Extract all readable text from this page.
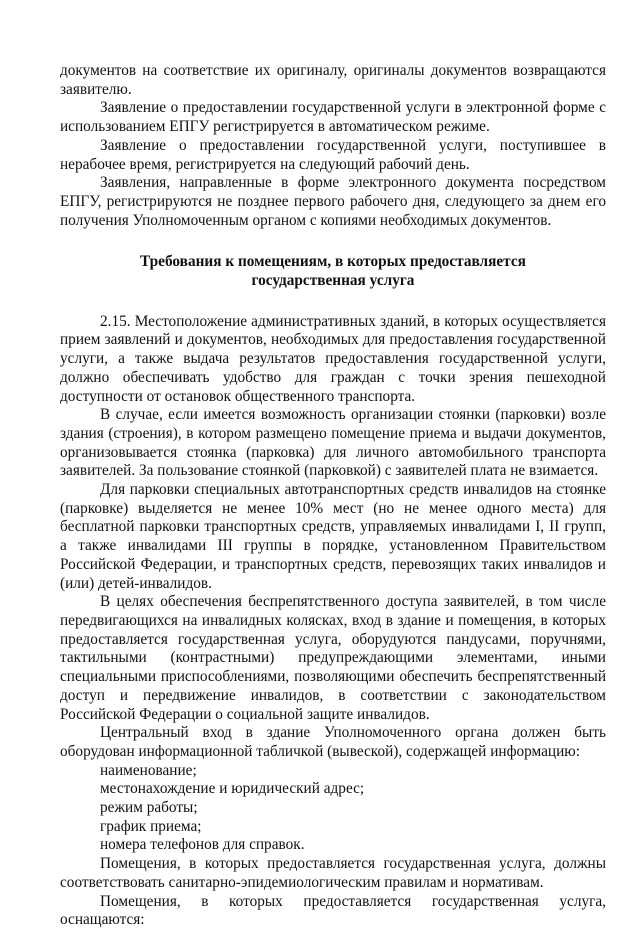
документов на соответствие их оригиналу, оригиналы документов возвращаются заявителю.

Заявление о предоставлении государственной услуги в электронной форме с использованием ЕПГУ регистрируется в автоматическом режиме.

Заявление о предоставлении государственной услуги, поступившее в нерабочее время, регистрируется на следующий рабочий день.

Заявления, направленные в форме электронного документа посредством ЕПГУ, регистрируются не позднее первого рабочего дня, следующего за днем его получения Уполномоченным органом с копиями необходимых документов.

Требования к помещениям, в которых предоставляется
государственная услуга

2.15. Местоположение административных зданий, в которых осуществляется прием заявлений и документов, необходимых для предоставления государственной услуги, а также выдача результатов предоставления государственной услуги, должно обеспечивать удобство для граждан с точки зрения пешеходной доступности от остановок общественного транспорта.

В случае, если имеется возможность организации стоянки (парковки) возле здания (строения), в котором размещено помещение приема и выдачи документов, организовывается стоянка (парковка) для личного автомобильного транспорта заявителей. За пользование стоянкой (парковкой) с заявителей плата не взимается.

Для парковки специальных автотранспортных средств инвалидов на стоянке (парковке) выделяется не менее 10% мест (но не менее одного места) для бесплатной парковки транспортных средств, управляемых инвалидами I, II групп, а также инвалидами III группы в порядке, установленном Правительством Российской Федерации, и транспортных средств, перевозящих таких инвалидов и (или) детей-инвалидов.

В целях обеспечения беспрепятственного доступа заявителей, в том числе передвигающихся на инвалидных колясках, вход в здание и помещения, в которых предоставляется государственная услуга, оборудуются пандусами, поручнями, тактильными (контрастными) предупреждающими элементами, иными специальными приспособлениями, позволяющими обеспечить беспрепятственный доступ и передвижение инвалидов, в соответствии с законодательством Российской Федерации о социальной защите инвалидов.

Центральный вход в здание Уполномоченного органа должен быть оборудован информационной табличкой (вывеской), содержащей информацию:

наименование;
местонахождение и юридический адрес;
режим работы;
график приема;
номера телефонов для справок.

Помещения, в которых предоставляется государственная услуга, должны соответствовать санитарно-эпидемиологическим правилам и нормативам.

Помещения, в которых предоставляется государственная услуга, оснащаются:
